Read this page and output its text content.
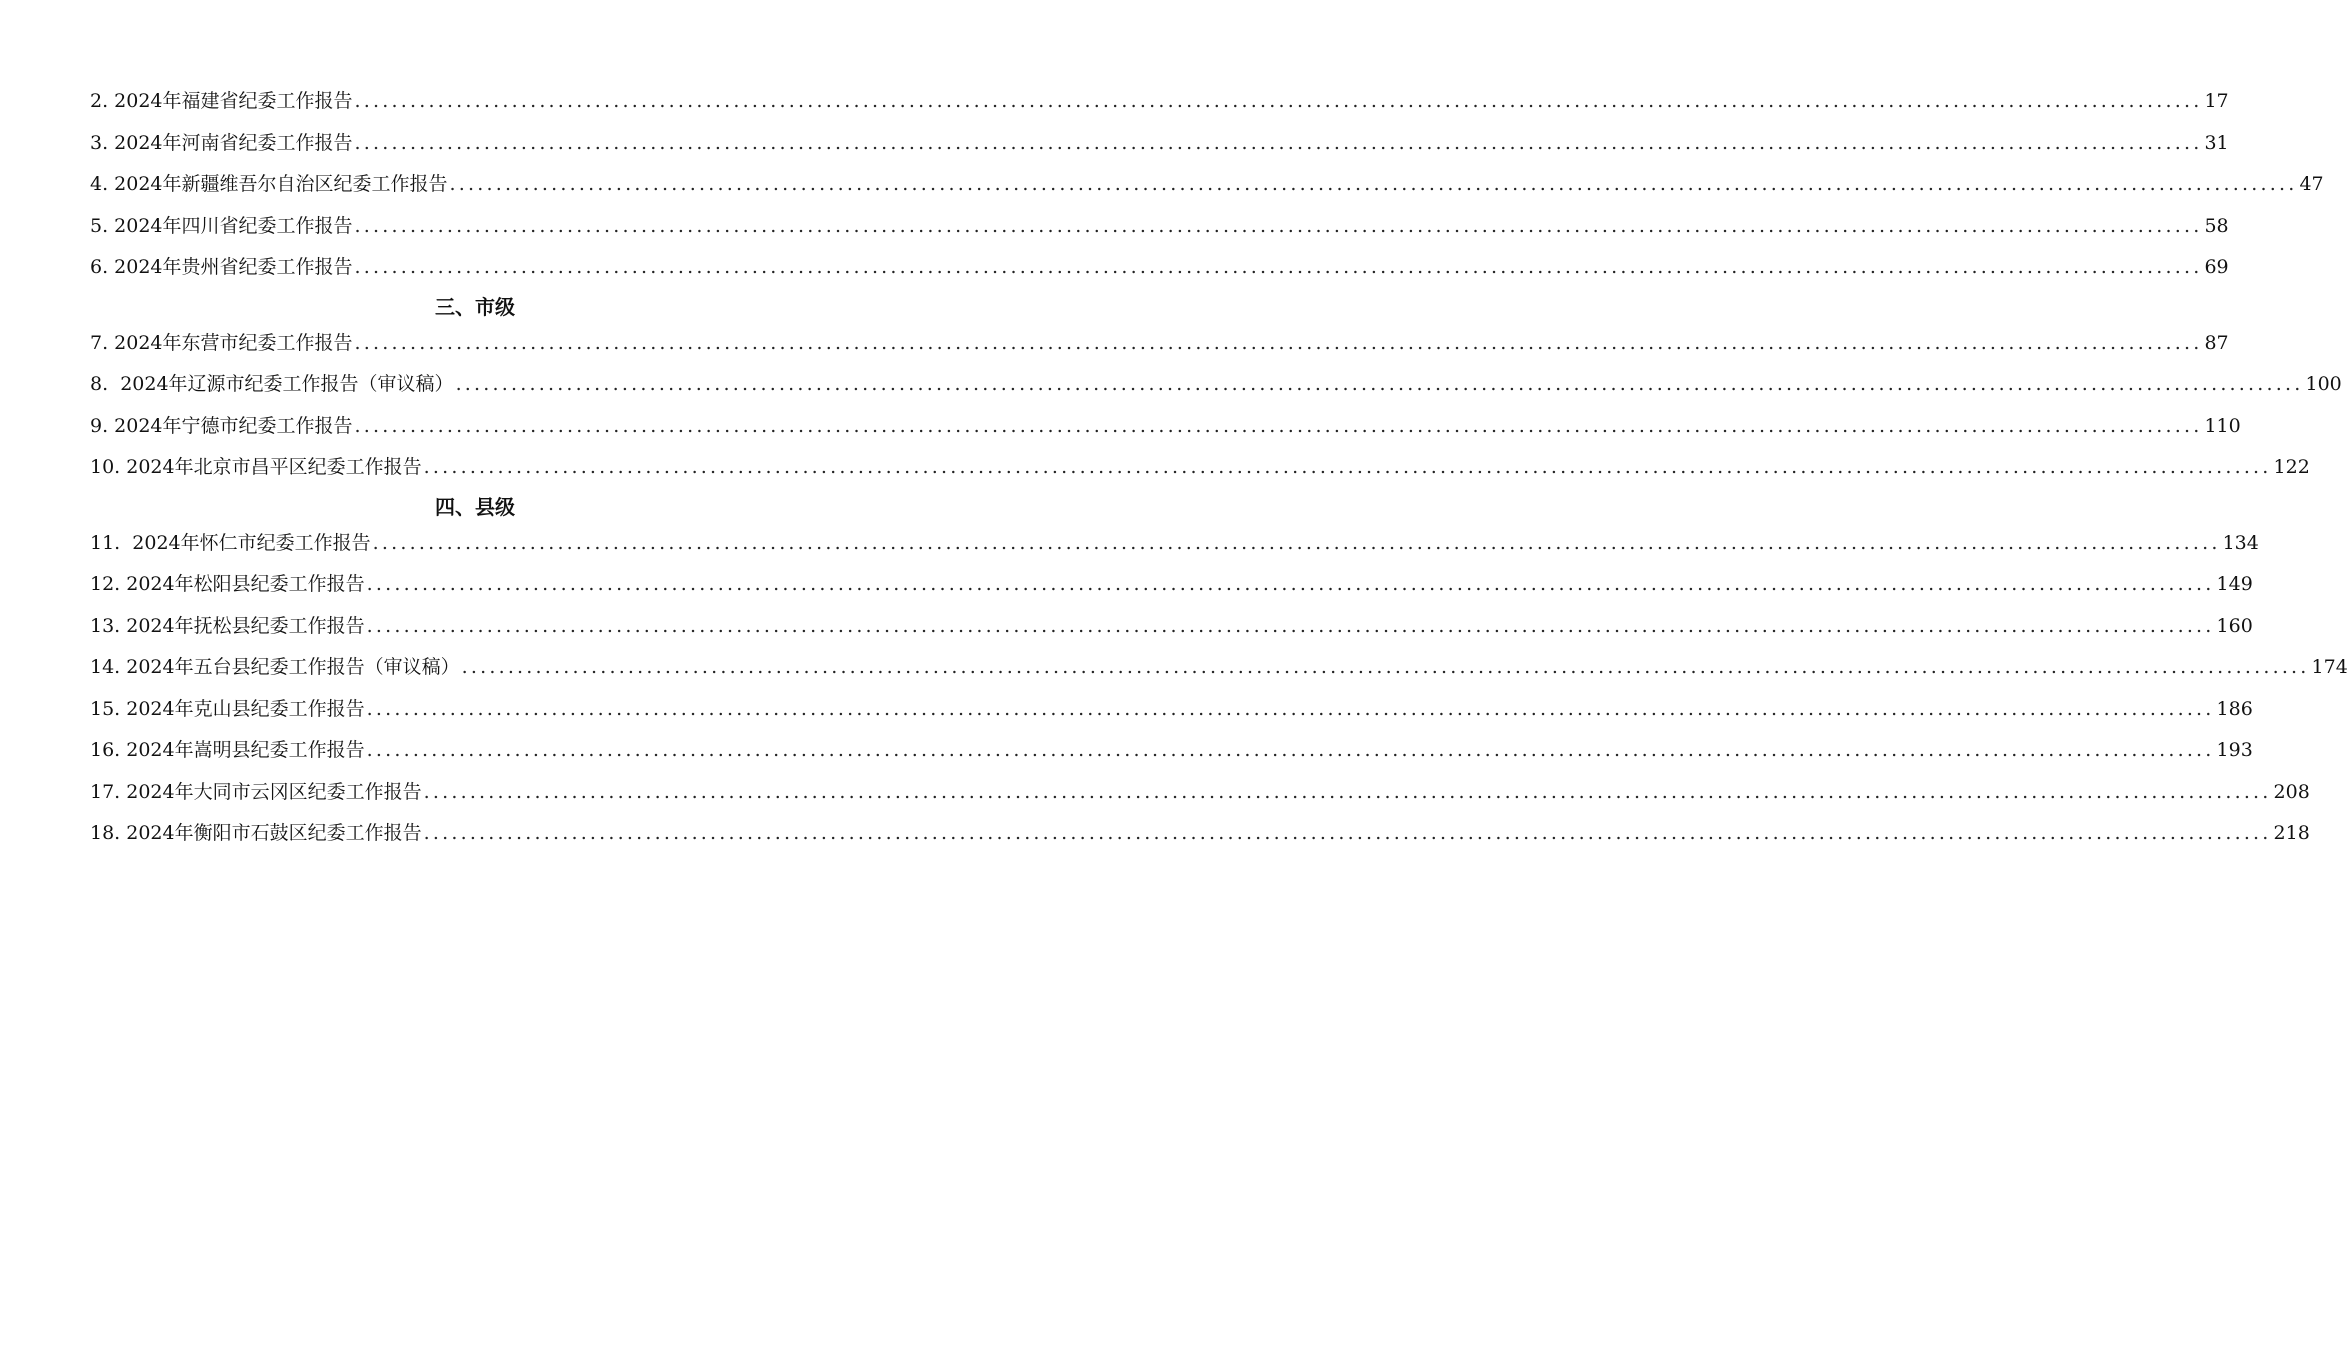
2. 2024年福建省纪委工作报告 ........................................................................................................................................................................................................ 17
3. 2024年河南省纪委工作报告 ........................................................................................................................................................................................................ 31
4. 2024年新疆维吾尔自治区纪委工作报告 ........................................................................................................................................................................................................ 47
5. 2024年四川省纪委工作报告 ........................................................................................................................................................................................................ 58
6. 2024年贵州省纪委工作报告 ........................................................................................................................................................................................................ 69
三、市级
7. 2024年东营市纪委工作报告 ........................................................................................................................................................................................................ 87
8.  2024年辽源市纪委工作报告（审议稿） ........................................................................................................................................................................................................ 100
9. 2024年宁德市纪委工作报告 ........................................................................................................................................................................................................ 110
10. 2024年北京市昌平区纪委工作报告 ........................................................................................................................................................................................................ 122
四、县级
11.  2024年怀仁市纪委工作报告 ........................................................................................................................................................................................................ 134
12. 2024年松阳县纪委工作报告 ........................................................................................................................................................................................................ 149
13. 2024年抚松县纪委工作报告 ........................................................................................................................................................................................................ 160
14. 2024年五台县纪委工作报告（审议稿） ........................................................................................................................................................................................................ 174
15. 2024年克山县纪委工作报告 ........................................................................................................................................................................................................ 186
16. 2024年嵩明县纪委工作报告 ........................................................................................................................................................................................................ 193
17. 2024年大同市云冈区纪委工作报告 ........................................................................................................................................................................................................ 208
18. 2024年衡阳市石鼓区纪委工作报告 ........................................................................................................................................................................................................ 218
